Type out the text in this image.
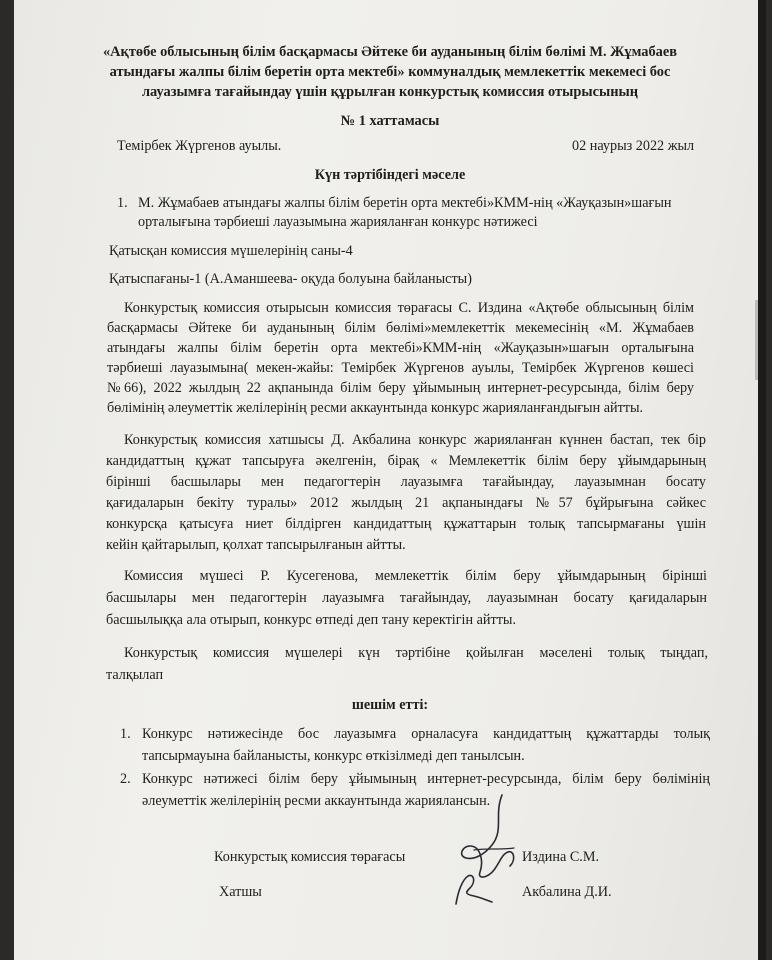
«Ақтөбе облысының білім басқармасы Әйтеке би ауданының білім бөлімі М. Жұмабаев
атындағы жалпы білім беретін орта мектебі» коммуналдық мемлекеттік мекемесі бос
лауазымға тағайындау үшін құрылған конкурстық комиссия отырысының
№ 1 хаттамасы
Темірбек Жүргенов ауылы.	02 наурыз 2022 жыл
Күн тәртібіндегі мәселе
1. М. Жұмабаев атындағы жалпы білім беретін орта мектебі»КММ-нің «Жауқазын»шағын
орталығына тәрбиеші лауазымына жарияланған конкурс нәтижесі
Қатысқан комиссия мүшелерінің саны-4
Қатыспағаны-1 (А.Аманшеева- оқуда болуына байланысты)
Конкурстық комиссия отырысын комиссия төрағасы С. Издина «Ақтөбе облысының білім
басқармасы Әйтеке би ауданының білім бөлімі»мемлекеттік мекемесінің «М. Жұмабаев
атындағы жалпы білім беретін орта мектебі»КММ-нің «Жауқазын»шағын орталығына
тәрбиеші лауазымына( мекен-жайы: Темірбек Жүргенов ауылы, Темірбек Жүргенов көшесі
№66), 2022 жылдың 22 ақпанында білім беру ұйымының интернет-ресурсында, білім беру
бөлімінің әлеуметтік желілерінің ресми аккаунтында конкурс жарияланғандығын айтты.
Конкурстық комиссия хатшысы Д. Акбалина конкурс жарияланған күннен бастап, тек бір
кандидаттың құжат тапсыруға әкелгенін, бірақ « Мемлекеттік білім беру ұйымдарының
бірінші басшылары мен педагогтерін лауазымға тағайындау, лауазымнан босату
қағидаларын бекіту туралы» 2012 жылдың 21 ақпанындағы №57 бұйрығына сәйкес
конкурсқа қатысуға ниет білдірген кандидаттың құжаттарын толық тапсырмағаны үшін
кейін қайтарылып, қолхат тапсырылғанын айтты.
Комиссия мүшесі Р. Кусегенова, мемлекеттік білім беру ұйымдарының бірінші
басшылары мен педагогтерін лауазымға тағайындау, лауазымнан босату қағидаларын
басшылыққа ала отырып, конкурс өтпеді деп тану керектігін айтты.
Конкурстық комиссия мүшелері күн тәртібіне қойылған мәселені толық тыңдап,
талқылап
шешім етті:
1. Конкурс нәтижесінде бос лауазымға орналасуға кандидаттың құжаттарды толық
тапсырмауына байланысты, конкурс өткізілмеді деп танылсын.
2. Конкурс нәтижесі білім беру ұйымының интернет-ресурсында, білім беру бөлімінің
әлеуметтік желілерінің ресми аккаунтында жариялансын.
Конкурстық комиссия төрағасы	Издина С.М.
Хатшы	Акбалина Д.И.
